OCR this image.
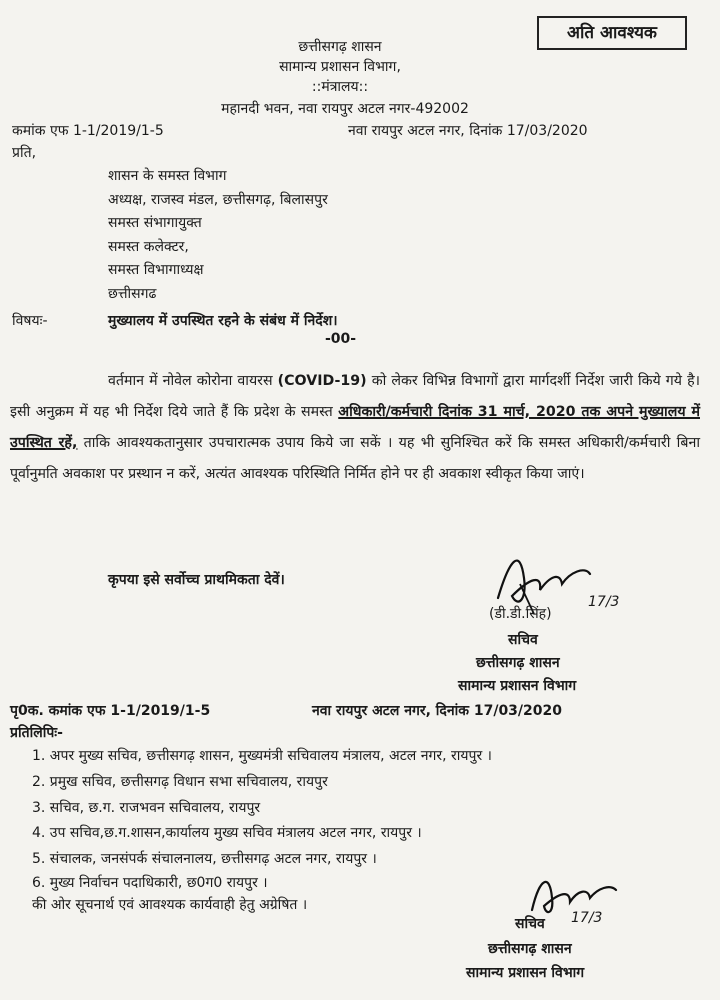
अति आवश्यक
छत्तीसगढ़ शासन
सामान्य प्रशासन विभाग,
::मंत्रालय::
महानदी भवन, नवा रायपुर अटल नगर-492002
कमांक एफ 1-1/2019/1-5	नवा रायपुर अटल नगर, दिनांक 17/03/2020
प्रति,
शासन के समस्त विभाग
अध्यक्ष, राजस्व मंडल, छत्तीसगढ़, बिलासपुर
समस्त संभागायुक्त
समस्त कलेक्टर,
समस्त विभागाध्यक्ष
छत्तीसगढ
विषयः-	मुख्यालय में उपस्थित रहने के संबंध में निर्देश।
-00-
वर्तमान में नोवेल कोरोना वायरस (COVID-19) को लेकर विभिन्न विभागों द्वारा मार्गदर्शी निर्देश जारी किये गये है। इसी अनुक्रम में यह भी निर्देश दिये जाते हैं कि प्रदेश के समस्त अधिकारी/कर्मचारी दिनांक 31 मार्च, 2020 तक अपने मुख्यालय में उपस्थित रहें, ताकि आवश्यकतानुसार उपचारात्मक उपाय किये जा सकें । यह भी सुनिश्चित करें कि समस्त अधिकारी/कर्मचारी बिना पूर्वानुमति अवकाश पर प्रस्थान न करें, अत्यंत आवश्यक परिस्थिति निर्मित होने पर ही अवकाश स्वीकृत किया जाएं।
कृपया इसे सर्वोच्च प्राथमिकता देवें।
(डी.डी.सिंह)
17/3
सचिव
छत्तीसगढ़ शासन
सामान्य प्रशासन विभाग
पृ0क. कमांक एफ 1-1/2019/1-5	नवा रायपुर अटल नगर, दिनांक 17/03/2020
प्रतिलिपिः-
1. अपर मुख्य सचिव, छत्तीसगढ़ शासन, मुख्यमंत्री सचिवालय मंत्रालय, अटल नगर, रायपुर ।
2. प्रमुख सचिव, छत्तीसगढ़ विधान सभा सचिवालय, रायपुर
3. सचिव, छ.ग. राजभवन सचिवालय, रायपुर
4. उप सचिव,छ.ग.शासन,कार्यालय मुख्य सचिव मंत्रालय अटल नगर, रायपुर ।
5. संचालक, जनसंपर्क संचालनालय, छत्तीसगढ़ अटल नगर, रायपुर ।
6. मुख्य निर्वाचन पदाधिकारी, छ0ग0 रायपुर ।
की ओर सूचनार्थ एवं आवश्यक कार्यवाही हेतु अग्रेषित ।
सचिव 17/3
छत्तीसगढ़ शासन
सामान्य प्रशासन विभाग
